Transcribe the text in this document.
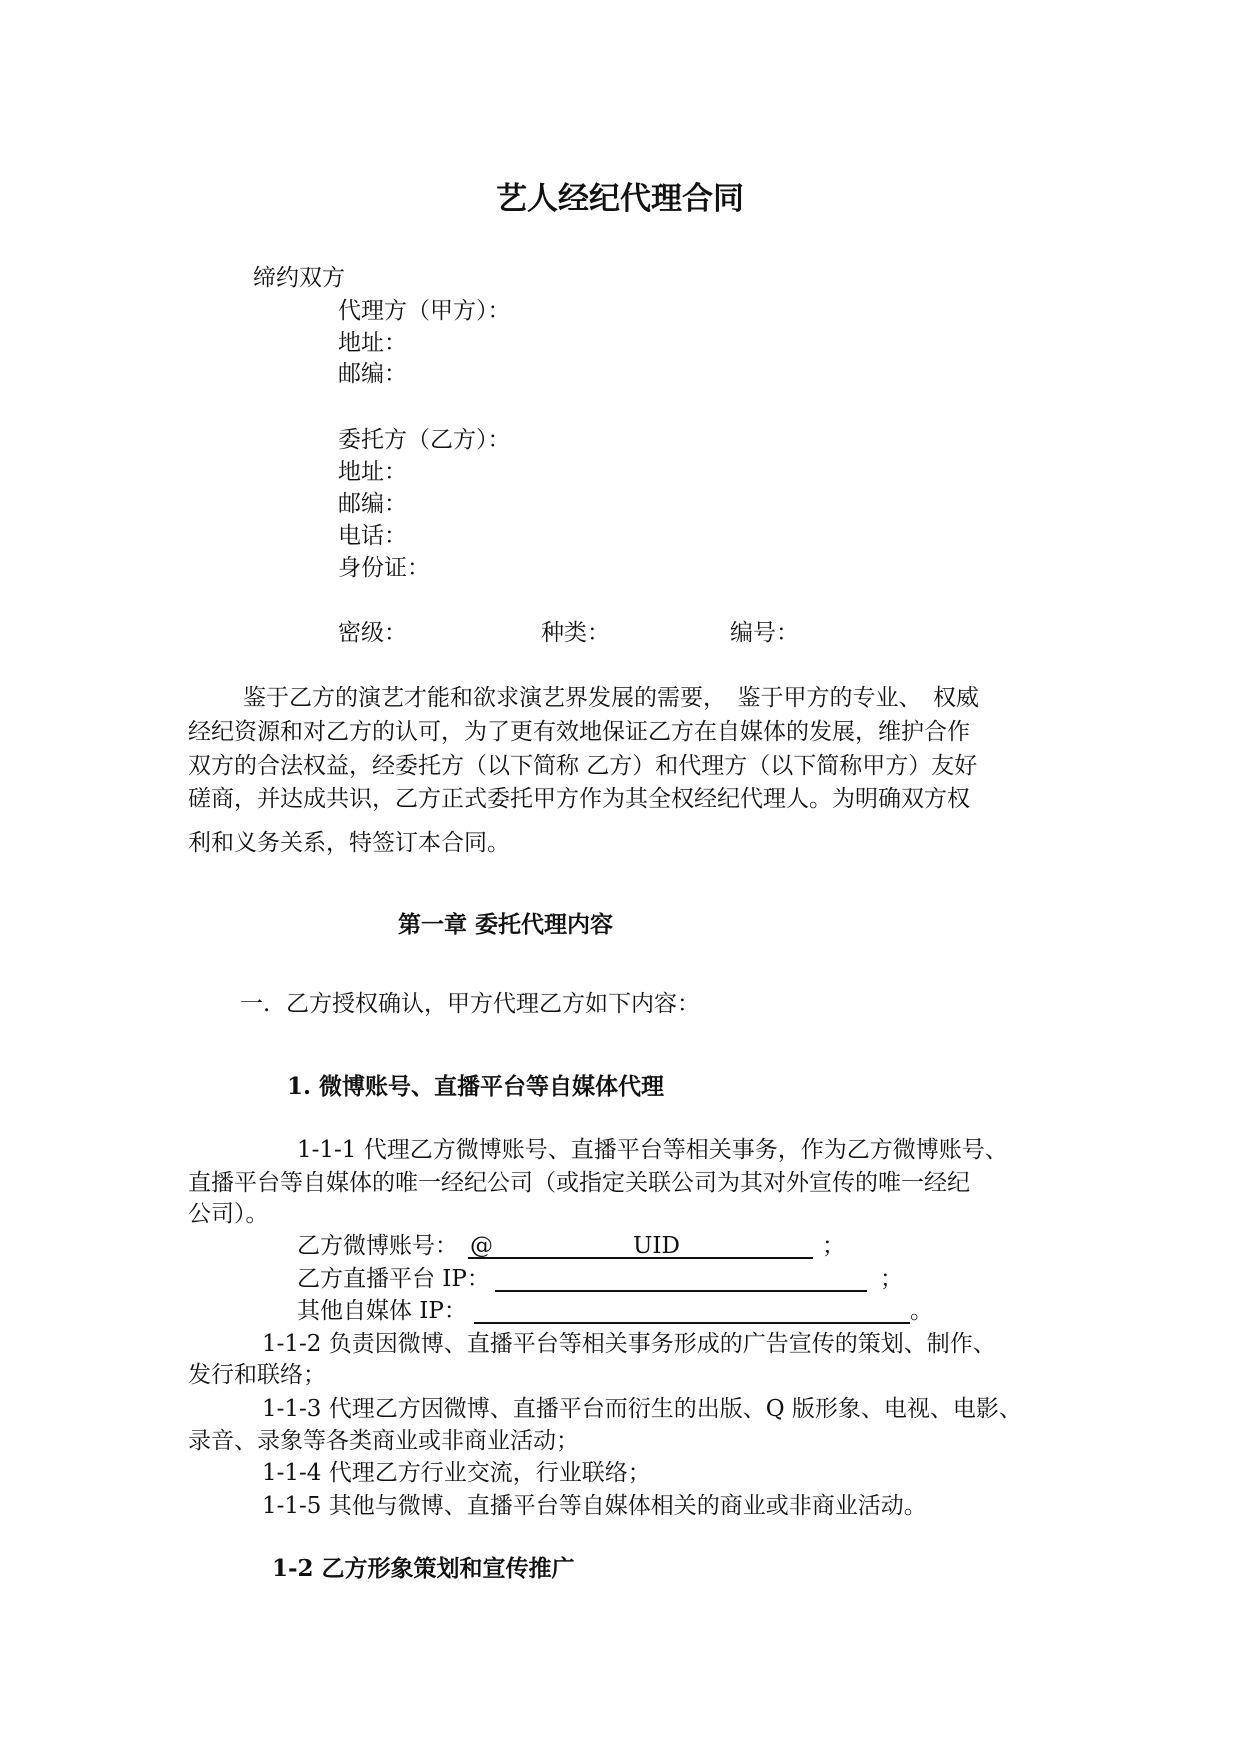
艺人经纪代理合同
缔约双方
代理方（甲方）：
地址：
邮编：
委托方（乙方）：
地址：
邮编：
电话：
身份证：
密级：	种类：	编号：
鉴于乙方的演艺才能和欲求演艺界发展的需要，　鉴于甲方的专业、　权威
经纪资源和对乙方的认可，为了更有效地保证乙方在自媒体的发展，维护合作
双方的合法权益，经委托方（以下简称 乙方）和代理方（以下简称甲方）友好
磋商，并达成共识，乙方正式委托甲方作为其全权经纪代理人。为明确双方权
利和义务关系，特签订本合同。
第一章 委托代理内容
一. 乙方授权确认，甲方代理乙方如下内容：
1. 微博账号、直播平台等自媒体代理
1-1-1 代理乙方微博账号、直播平台等相关事务，作为乙方微博账号、
直播平台等自媒体的唯一经纪公司（或指定关联公司为其对外宣传的唯一经纪
公司）。
乙方微博账号： @	UID	；
乙方直播平台 IP：	；
其他自媒体 IP：	。
1-1-2 负责因微博、直播平台等相关事务形成的广告宣传的策划、制作、
发行和联络；
1-1-3 代理乙方因微博、直播平台而衍生的出版、Q 版形象、电视、电影、
录音、录象等各类商业或非商业活动；
1-1-4 代理乙方行业交流，行业联络；
1-1-5 其他与微博、直播平台等自媒体相关的商业或非商业活动。
1-2 乙方形象策划和宣传推广
